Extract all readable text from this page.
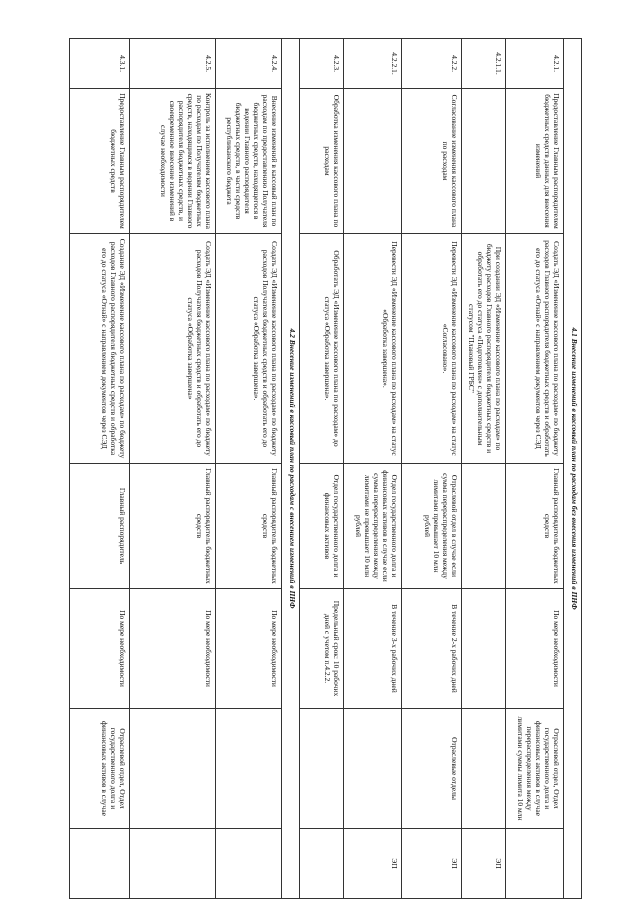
4.1 Внесение изменений в кассовый план по расходам без внесения изменений в ПНФ						
4.2.1.	Предоставление Главным распорядителем бюджетных средств данных для внесения изменений	Создать ЭД «Изменение кассового плана по расходам» по бюджету расходов Главного распорядителя бюджетных средств и обработать его до статуса «Отнай» с направлением документов через СЭД	Главный распорядитель бюджетных средств	По мере необходимости	Отраслевой отдел, Отдел государственного долга и финансовых активов в случае перераспределения между лимитами суммы лимита 10 млн	
4.2.1.1.		При создании ЭД «Изменение кассового плана по расходам» по бюджету расходов Главного распорядителя бюджетных средств и обработать его до статуса «Подготовлен» с дополнительным статусом "Плановый ГРБС"				ЭП
4.2.2.	Согласование изменения кассового плана по расходам	Перевести ЭД «Изменение кассового плана по расходам» на статус «Согласовано».	Отраслевой отдел в случае если сумма перераспределения между лимитами превышает 10 млн рублей	В течение 2-х рабочих дней	Отраслевые отделы	ЭП
4.2.2.1.		Перевести ЭД «Изменение кассового плана по расходам» на статус «Обработка завершена».	Отдел государственного долга и финансовых активов в случае если сумма перераспределения между лимитами не превышает 10 млн рублей	В течение 3-х рабочих дней		ЭП
4.2.3.	Обработка изменения кассового плана по расходам	Обработать ЭД «Изменение кассового плана по расходам» до статуса «Обработка завершена».	Отдел государственного долга и финансовых активов	Предельный срок: 10 рабочих дней с учетом п.4.2.2.		
4.2 Внесение изменений в кассовый план по расходам с внесением изменений в ПНФ						
4.2.4.	Внесение изменений в кассовый план по расходам по предоставлению Получателя бюджетных средств, находящегося в ведении Главного распорядителя бюджетных средств, в части средств республиканского бюджета	Создать ЭД «Изменение кассового плана по расходам» по бюджету расходов Получателя бюджетных средств и обработать его до статуса «Обработка завершена».	Главный распорядитель бюджетных средств	По мере необходимости		
4.2.5.	Контроль за исполнением кассового плана по расходам по Получателям бюджетных средств, находящимся в ведении Главного распорядителя бюджетных средств, и своевременное внесение изменений в случае необходимости	Создать ЭД «Изменение кассового плана по расходам» по бюджету расходов Получателя бюджетных средств и обработать его до статуса «Обработка завершена»	Главный распорядитель бюджетных средств	По мере необходимости		
4.3.1.	Предоставление Главным распорядителем бюджетных средств	Создание ЭД «Изменение кассового плана по расходам» по бюджету расходов Главного распорядителя бюджетных средств и обработка его до статуса «Отнай» с направлением документов через СЭД	Главный распорядитель	По мере необходимости	Отраслевой отдел, Отдел государственного долга и финансовых активов в случае	
